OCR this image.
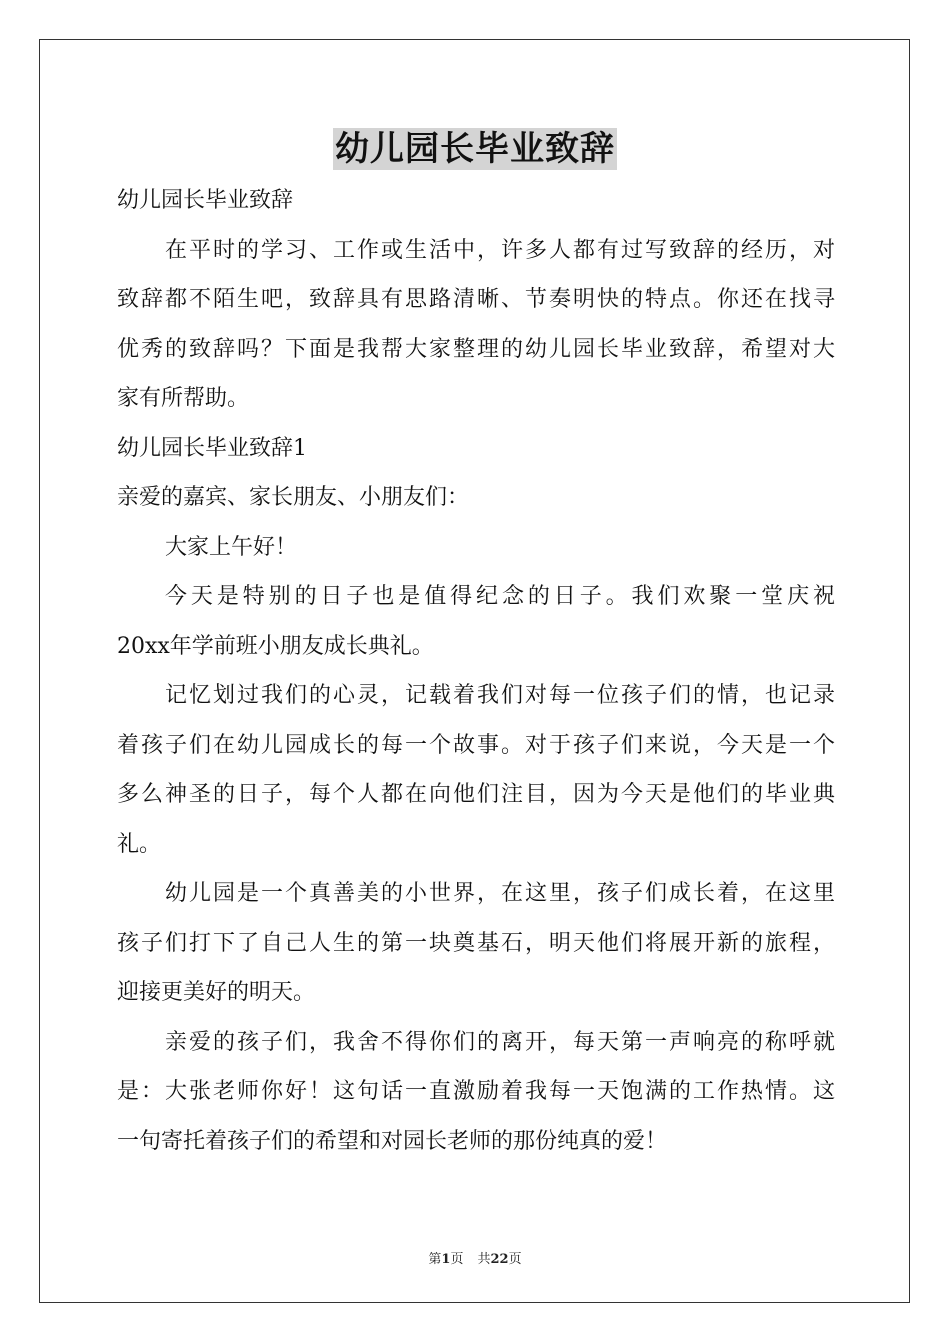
幼儿园长毕业致辞

幼儿园长毕业致辞

在平时的学习、工作或生活中，许多人都有过写致辞的经历，对

致辞都不陌生吧，致辞具有思路清晰、节奏明快的特点。你还在找寻

优秀的致辞吗？下面是我帮大家整理的幼儿园长毕业致辞，希望对大

家有所帮助。

幼儿园长毕业致辞1

亲爱的嘉宾、家长朋友、小朋友们：

大家上午好！

今天是特别的日子也是值得纪念的日子。我们欢聚一堂庆祝

20xx年学前班小朋友成长典礼。

记忆划过我们的心灵，记载着我们对每一位孩子们的情，也记录

着孩子们在幼儿园成长的每一个故事。对于孩子们来说，今天是一个

多么神圣的日子，每个人都在向他们注目，因为今天是他们的毕业典

礼。

幼儿园是一个真善美的小世界，在这里，孩子们成长着，在这里

孩子们打下了自己人生的第一块奠基石，明天他们将展开新的旅程，

迎接更美好的明天。

亲爱的孩子们，我舍不得你们的离开，每天第一声响亮的称呼就

是：大张老师你好！这句话一直激励着我每一天饱满的工作热情。这

一句寄托着孩子们的希望和对园长老师的那份纯真的爱！

第1页 共22页
